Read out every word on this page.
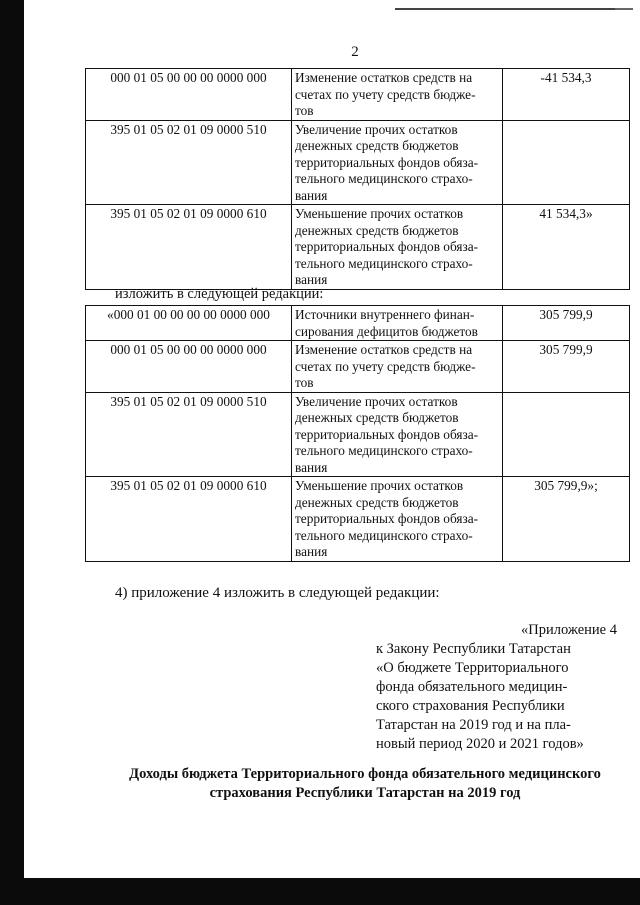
2
000 01 05 00 00 00 0000 000	Изменение остатков средств на
счетах по учету средств бюдже-
тов	-41 534,3
395 01 05 02 01 09 0000 510	Увеличение прочих остатков
денежных средств бюджетов
территориальных фондов обяза-
тельного медицинского страхо-
вания	
395 01 05 02 01 09 0000 610	Уменьшение прочих остатков
денежных средств бюджетов
территориальных фондов обяза-
тельного медицинского страхо-
вания	41 534,3»
изложить в следующей редакции:
«000 01 00 00 00 00 0000 000	Источники внутреннего финан-
сирования дефицитов бюджетов	305 799,9
000 01 05 00 00 00 0000 000	Изменение остатков средств на
счетах по учету средств бюдже-
тов	305 799,9
395 01 05 02 01 09 0000 510	Увеличение прочих остатков
денежных средств бюджетов
территориальных фондов обяза-
тельного медицинского страхо-
вания	
395 01 05 02 01 09 0000 610	Уменьшение прочих остатков
денежных средств бюджетов
территориальных фондов обяза-
тельного медицинского страхо-
вания	305 799,9»;
4) приложение 4 изложить в следующей редакции:
«Приложение 4
к Закону Республики Татарстан
«О бюджете Территориального
фонда обязательного медицин-
ского страхования Республики
Татарстан на 2019 год и на пла-
новый период 2020 и 2021 годов»
Доходы бюджета Территориального фонда обязательного медицинского
страхования Республики Татарстан на 2019 год
